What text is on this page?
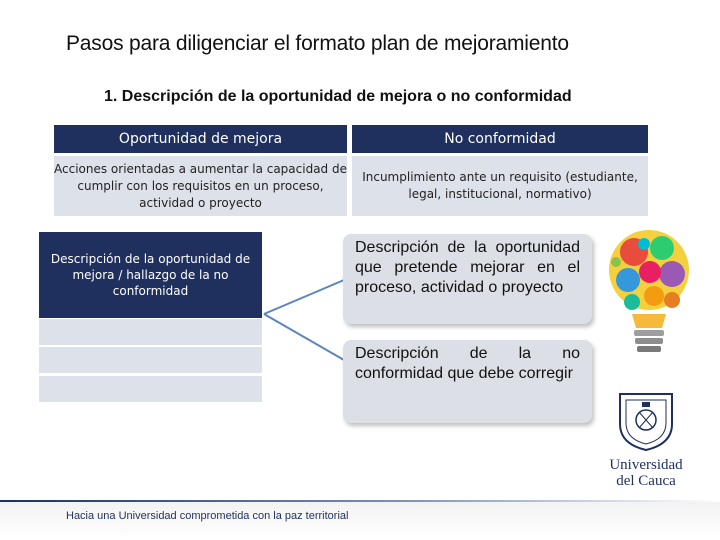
Pasos para diligenciar el formato plan de mejoramiento
1. Descripción de la oportunidad de mejora o no conformidad
Oportunidad de mejora	No conformidad
Acciones orientadas a aumentar la capacidad de cumplir con los requisitos en un proceso, actividad o proyecto
Incumplimiento ante un requisito (estudiante, legal, institucional, normativo)
Descripción de la oportunidad de mejora / hallazgo de la no conformidad
Descripción de la oportunidad que pretende mejorar en el proceso, actividad o proyecto
Descripción de la no conformidad que debe corregir
Universidad
del Cauca
Hacia una Universidad comprometida con la paz territorial
